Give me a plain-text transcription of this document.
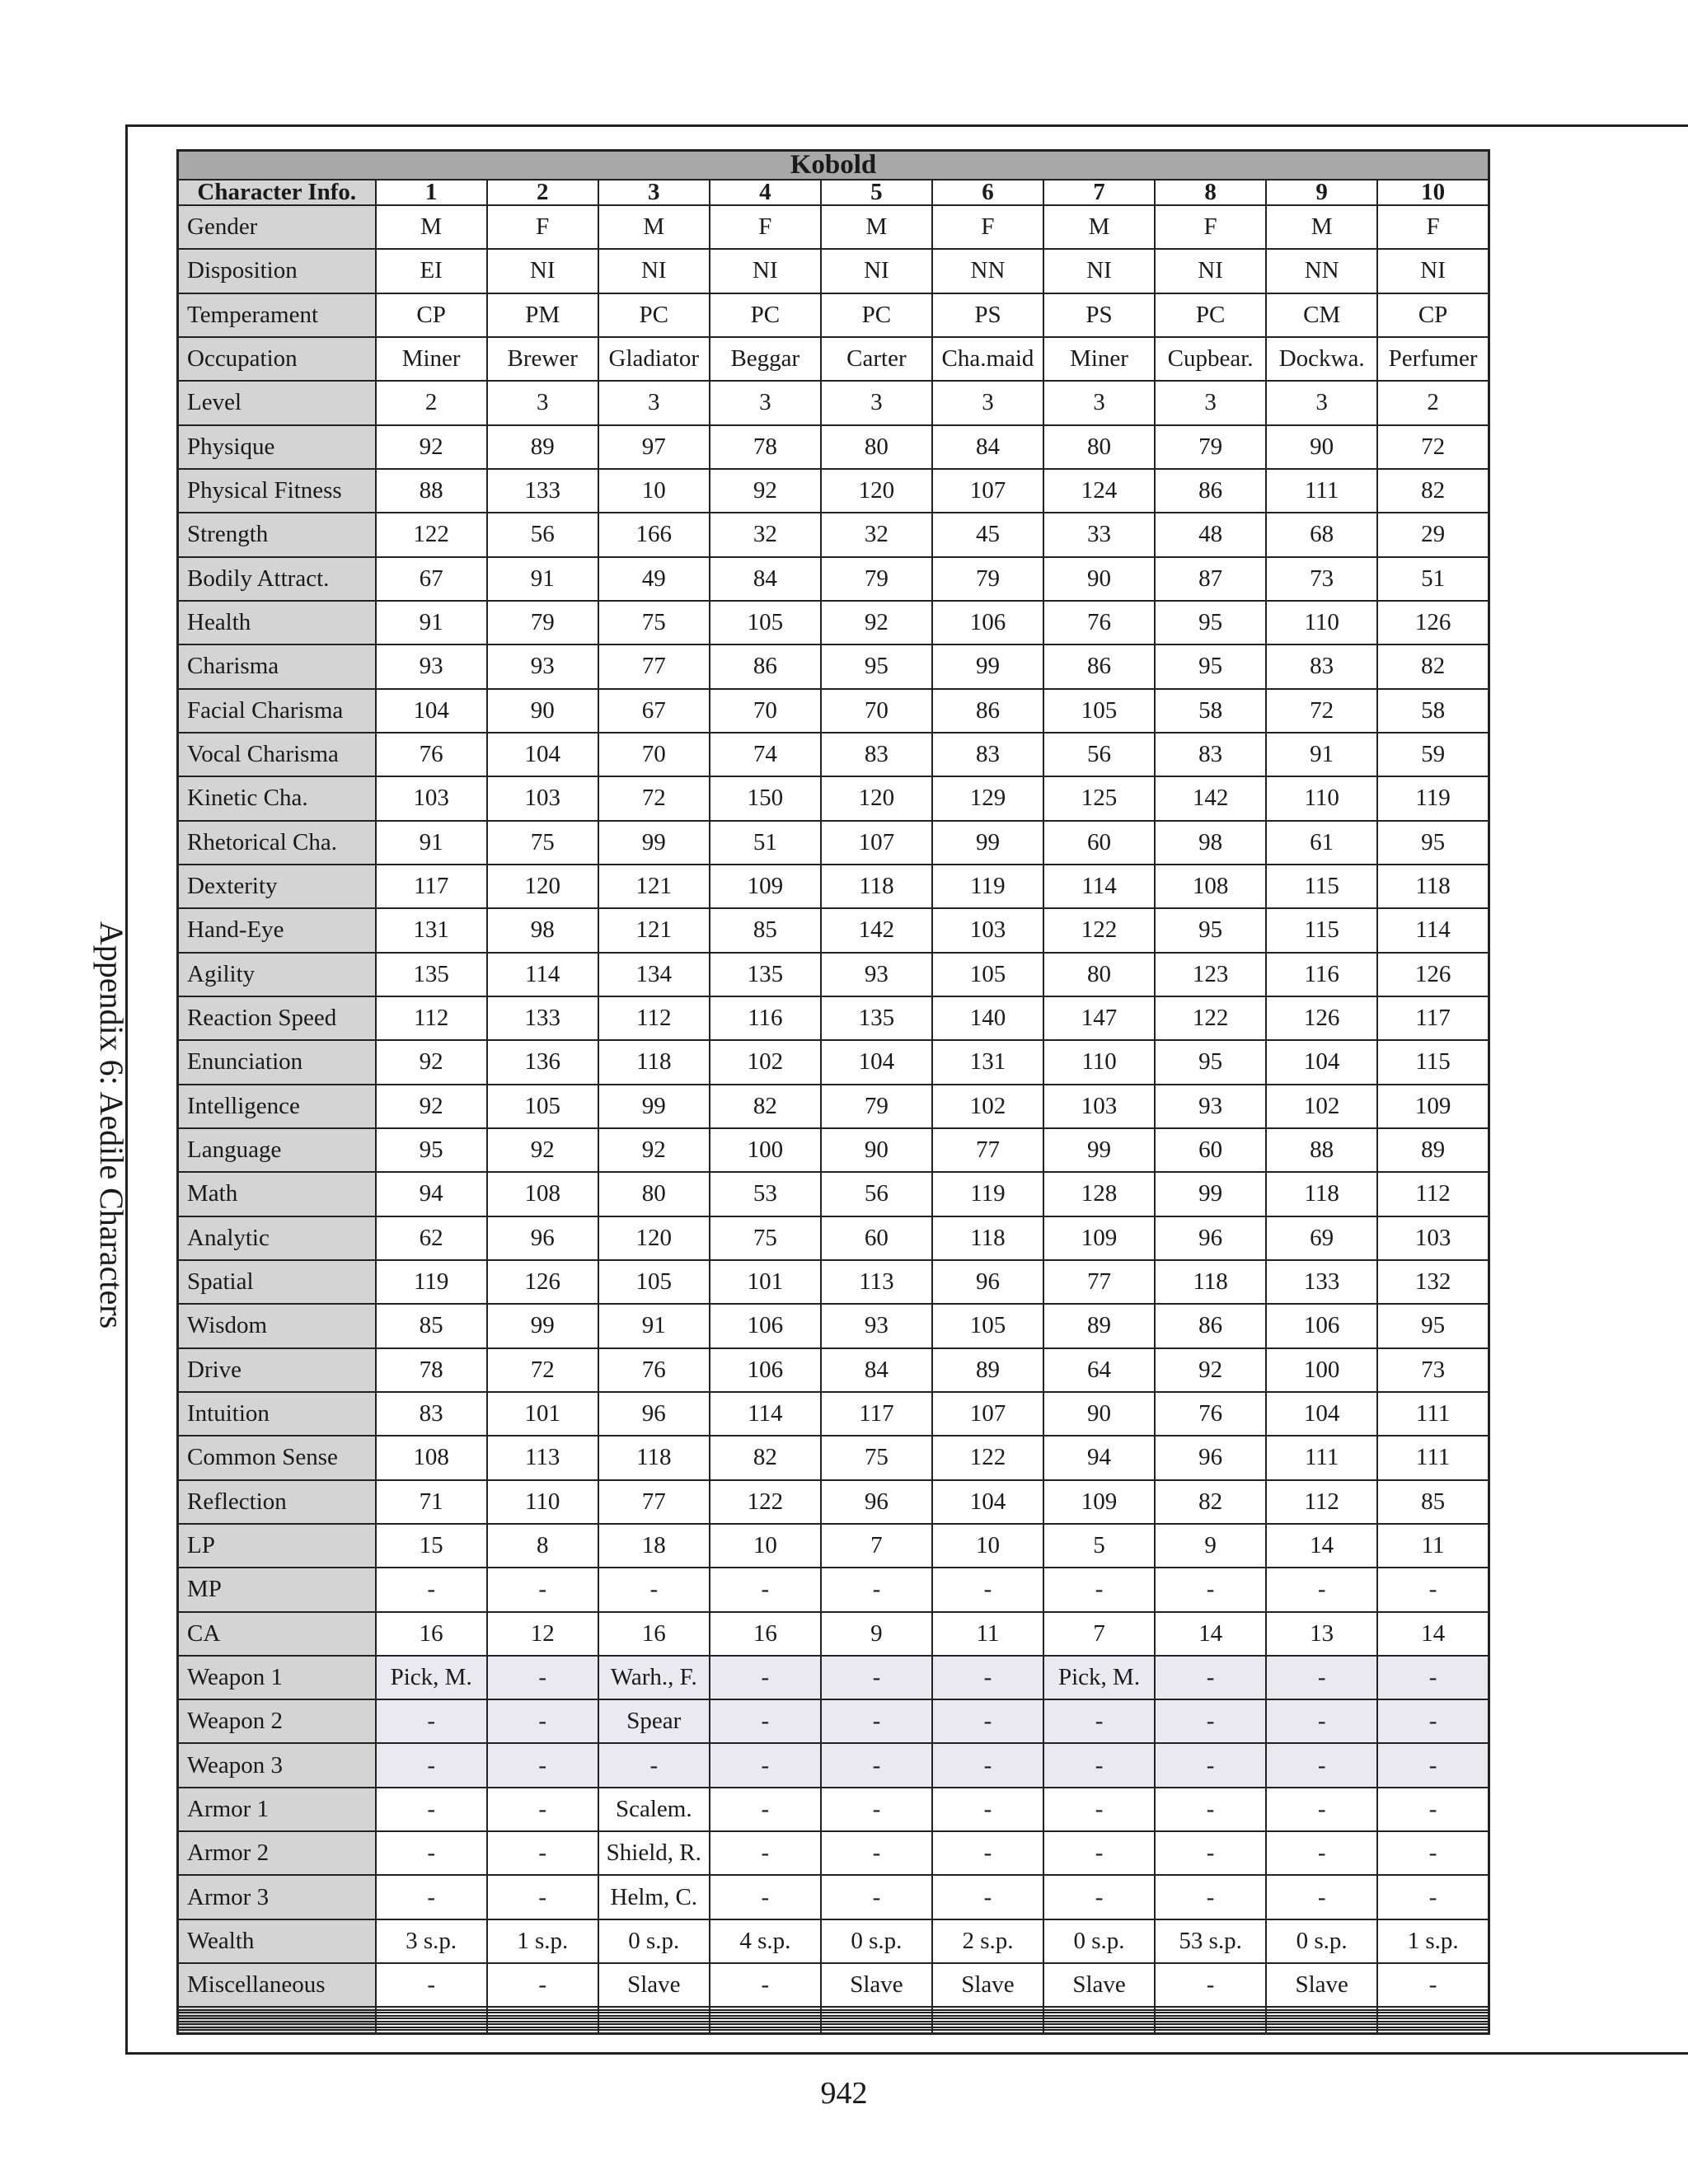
Appendix 6: Aedile Characters
Kobold										
Character Info.	1	2	3	4	5	6	7	8	9	10
Gender	M	F	M	F	M	F	M	F	M	F
Disposition	EI	NI	NI	NI	NI	NN	NI	NI	NN	NI
Temperament	CP	PM	PC	PC	PC	PS	PS	PC	CM	CP
Occupation	Miner	Brewer	Gladiator	Beggar	Carter	Cha.maid	Miner	Cupbear.	Dockwa.	Perfumer
Level	2	3	3	3	3	3	3	3	3	2
Physique	92	89	97	78	80	84	80	79	90	72
Physical Fitness	88	133	10	92	120	107	124	86	111	82
Strength	122	56	166	32	32	45	33	48	68	29
Bodily Attract.	67	91	49	84	79	79	90	87	73	51
Health	91	79	75	105	92	106	76	95	110	126
Charisma	93	93	77	86	95	99	86	95	83	82
Facial Charisma	104	90	67	70	70	86	105	58	72	58
Vocal Charisma	76	104	70	74	83	83	56	83	91	59
Kinetic Cha.	103	103	72	150	120	129	125	142	110	119
Rhetorical Cha.	91	75	99	51	107	99	60	98	61	95
Dexterity	117	120	121	109	118	119	114	108	115	118
Hand-Eye	131	98	121	85	142	103	122	95	115	114
Agility	135	114	134	135	93	105	80	123	116	126
Reaction Speed	112	133	112	116	135	140	147	122	126	117
Enunciation	92	136	118	102	104	131	110	95	104	115
Intelligence	92	105	99	82	79	102	103	93	102	109
Language	95	92	92	100	90	77	99	60	88	89
Math	94	108	80	53	56	119	128	99	118	112
Analytic	62	96	120	75	60	118	109	96	69	103
Spatial	119	126	105	101	113	96	77	118	133	132
Wisdom	85	99	91	106	93	105	89	86	106	95
Drive	78	72	76	106	84	89	64	92	100	73
Intuition	83	101	96	114	117	107	90	76	104	111
Common Sense	108	113	118	82	75	122	94	96	111	111
Reflection	71	110	77	122	96	104	109	82	112	85
LP	15	8	18	10	7	10	5	9	14	11
MP	-	-	-	-	-	-	-	-	-	-
CA	16	12	16	16	9	11	7	14	13	14
Weapon 1	Pick, M.	-	Warh., F.	-	-	-	Pick, M.	-	-	-
Weapon 2	-	-	Spear	-	-	-	-	-	-	-
Weapon 3	-	-	-	-	-	-	-	-	-	-
Armor 1	-	-	Scalem.	-	-	-	-	-	-	-
Armor 2	-	-	Shield, R.	-	-	-	-	-	-	-
Armor 3	-	-	Helm, C.	-	-	-	-	-	-	-
Wealth	3 s.p.	1 s.p.	0 s.p.	4 s.p.	0 s.p.	2 s.p.	0 s.p.	53 s.p.	0 s.p.	1 s.p.
Miscellaneous	-	-	Slave	-	Slave	Slave	Slave	-	Slave	-

942
